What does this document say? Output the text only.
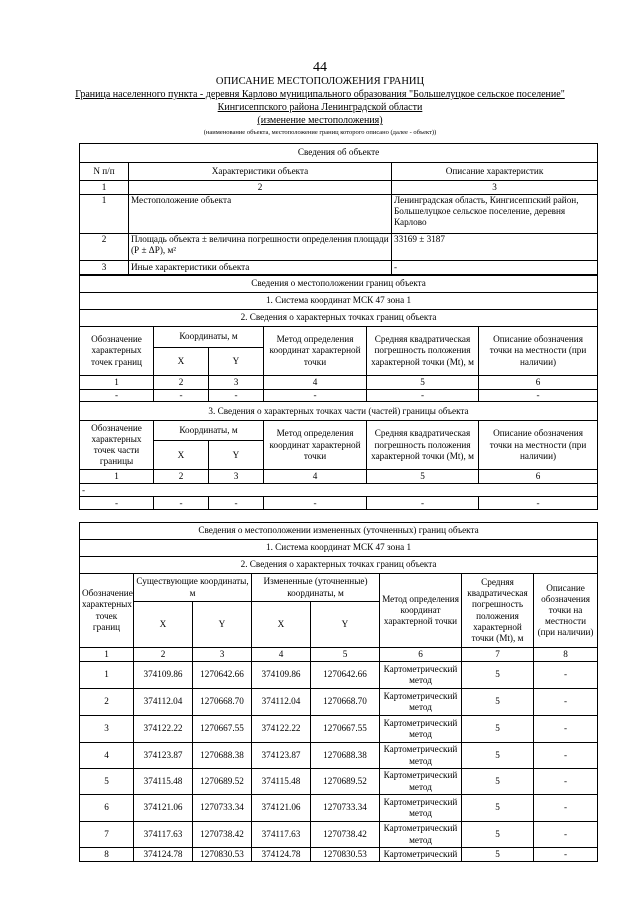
44
ОПИСАНИЕ МЕСТОПОЛОЖЕНИЯ ГРАНИЦ
Граница населенного пункта - деревня Карлово муниципального образования "Большелуцкое сельское поселение"
Кингисеппского района Ленинградской области
(изменение местоположения)
(наименование объекта, местоположение границ которого описано (далее - объект))
Сведения об объекте		
N п/п	Характеристики объекта	Описание характеристик
1	2	3
1	Местоположение объекта	Ленинградская область, Кингисеппский район, Большелуцкое сельское поселение, деревня Карлово
2	Площадь объекта ± величина погрешности определения площади (Р ± ΔР), м²	33169 ± 3187
3	Иные характеристики объекта	-
Сведения о местоположении границ объекта					
1. Система координат МСК 47 зона 1					
2. Сведения о характерных точках границ объекта					
Обозначение характерных точек границ	Координаты, м		Метод определения координат характерной точки	Средняя квадратическая погрешность положения характерной точки (Mt), м	Описание обозначения точки на местности (при наличии)
	X	Y			
1	2	3	4	5	6
-	-	-	-	-	-
3. Сведения о характерных точках части (частей) границы объекта					
Обозначение характерных точек части границы	Координаты, м		Метод определения координат характерной точки	Средняя квадратическая погрешность положения характерной точки (Mt), м	Описание обозначения точки на местности (при наличии)
	X	Y			
1	2	3	4	5	6
-					
-	-	-	-	-	-
Сведения о местоположении измененных (уточненных) границ объекта							
1. Система координат МСК 47 зона 1							
2. Сведения о характерных точках границ объекта							
Обозначение характерных точек границ	Существующие координаты, м		Измененные (уточненные) координаты, м		Метод определения координат характерной точки	Средняя квадратическая погрешность положения характерной точки (Mt), м	Описание обозначения точки на местности (при наличии)
	X	Y	X	Y			
1	2	3	4	5	6	7	8
1	374109.86	1270642.66	374109.86	1270642.66	Картометрический метод	5	-
2	374112.04	1270668.70	374112.04	1270668.70	Картометрический метод	5	-
3	374122.22	1270667.55	374122.22	1270667.55	Картометрический метод	5	-
4	374123.87	1270688.38	374123.87	1270688.38	Картометрический метод	5	-
5	374115.48	1270689.52	374115.48	1270689.52	Картометрический метод	5	-
6	374121.06	1270733.34	374121.06	1270733.34	Картометрический метод	5	-
7	374117.63	1270738.42	374117.63	1270738.42	Картометрический метод	5	-
8	374124.78	1270830.53	374124.78	1270830.53	Картометрический	5	-
